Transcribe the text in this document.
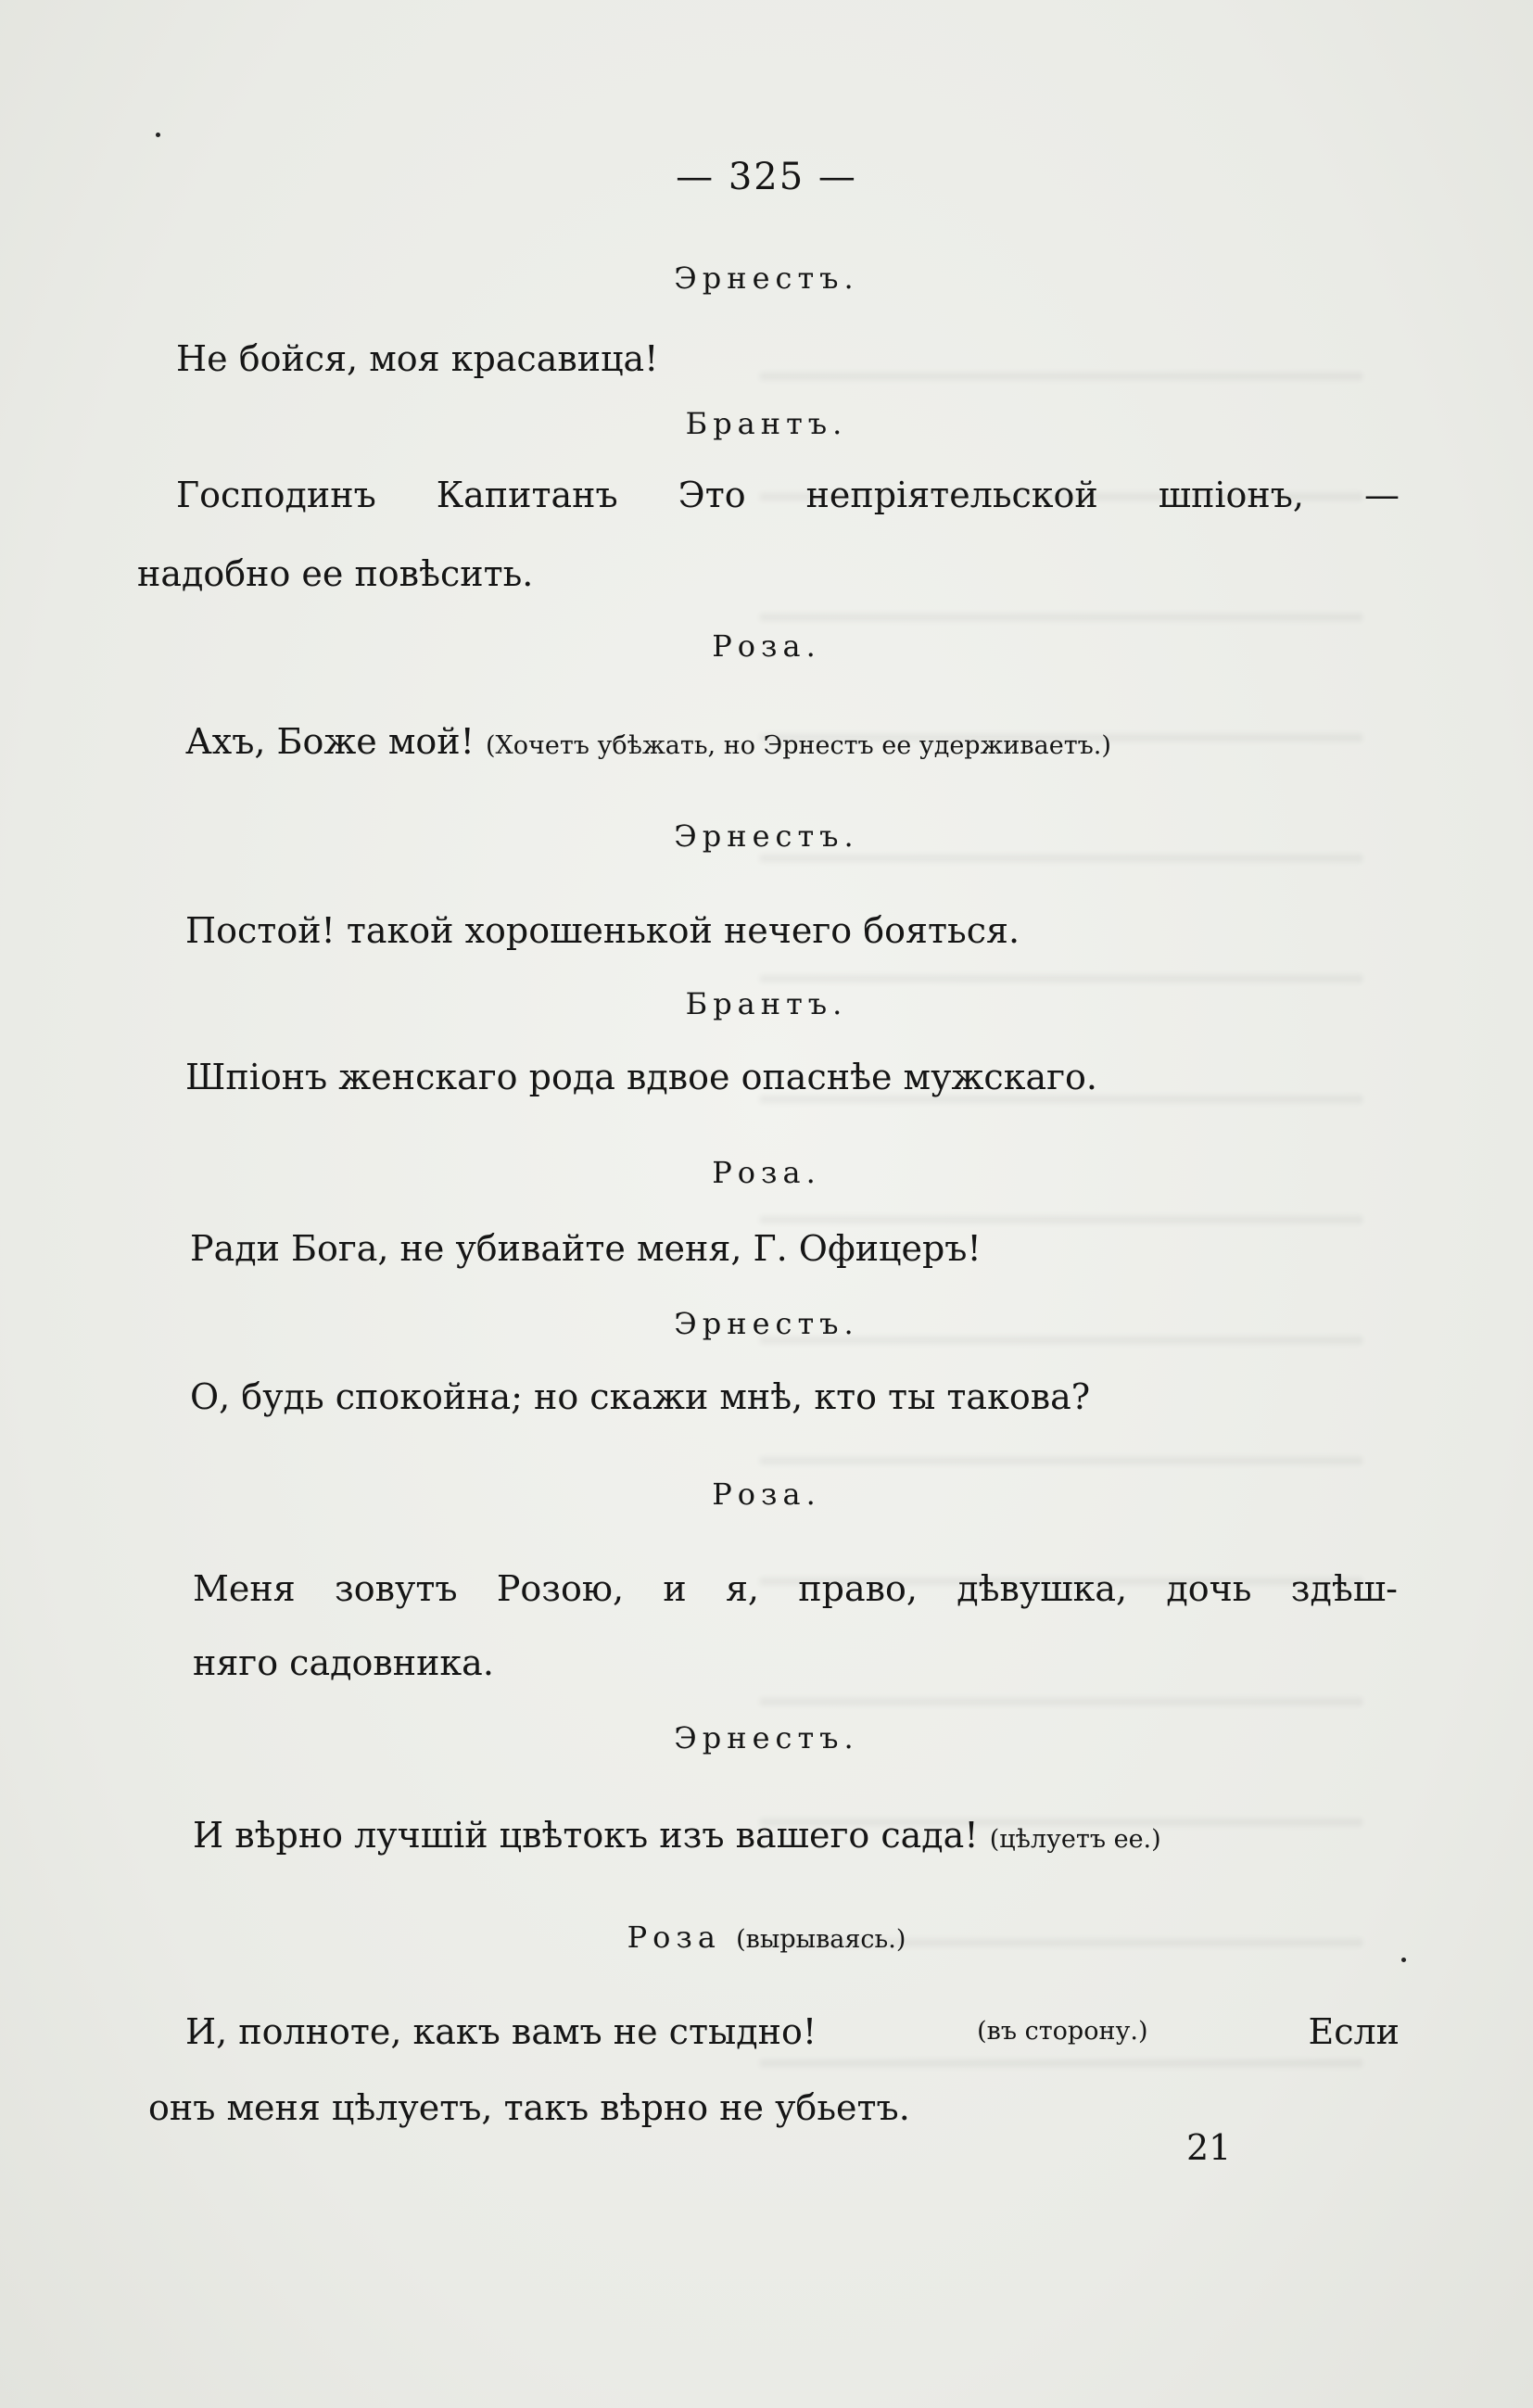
— 325 —
Эрнестъ.
Не бойся, моя красавица!
Брантъ.
Господинъ Капитанъ Это непріятельской шпіонъ, —
надобно ее повѣсить.
Роза.
Ахъ, Боже мой! (Хочетъ убѣжать, но Эрнестъ ее удерживаетъ.)
Эрнестъ.
Постой! такой хорошенькой нечего бояться.
Брантъ.
Шпіонъ женскаго рода вдвое опаснѣе мужскаго.
Роза.
Ради Бога, не убивайте меня, Г. Офицеръ!
Эрнестъ.
О, будь спокойна; но скажи мнѣ, кто ты такова?
Роза.
Меня зовутъ Розою, и я, право, дѣвушка, дочь здѣш-
няго садовника.
Эрнестъ.
И вѣрно лучшій цвѣтокъ изъ вашего сада! (цѣлуетъ ее.)
Роза (вырываясь.)
И, полноте, какъ вамъ не стыдно!	(въ сторону.)	Если
онъ меня цѣлуетъ, такъ вѣрно не убьетъ.
21
